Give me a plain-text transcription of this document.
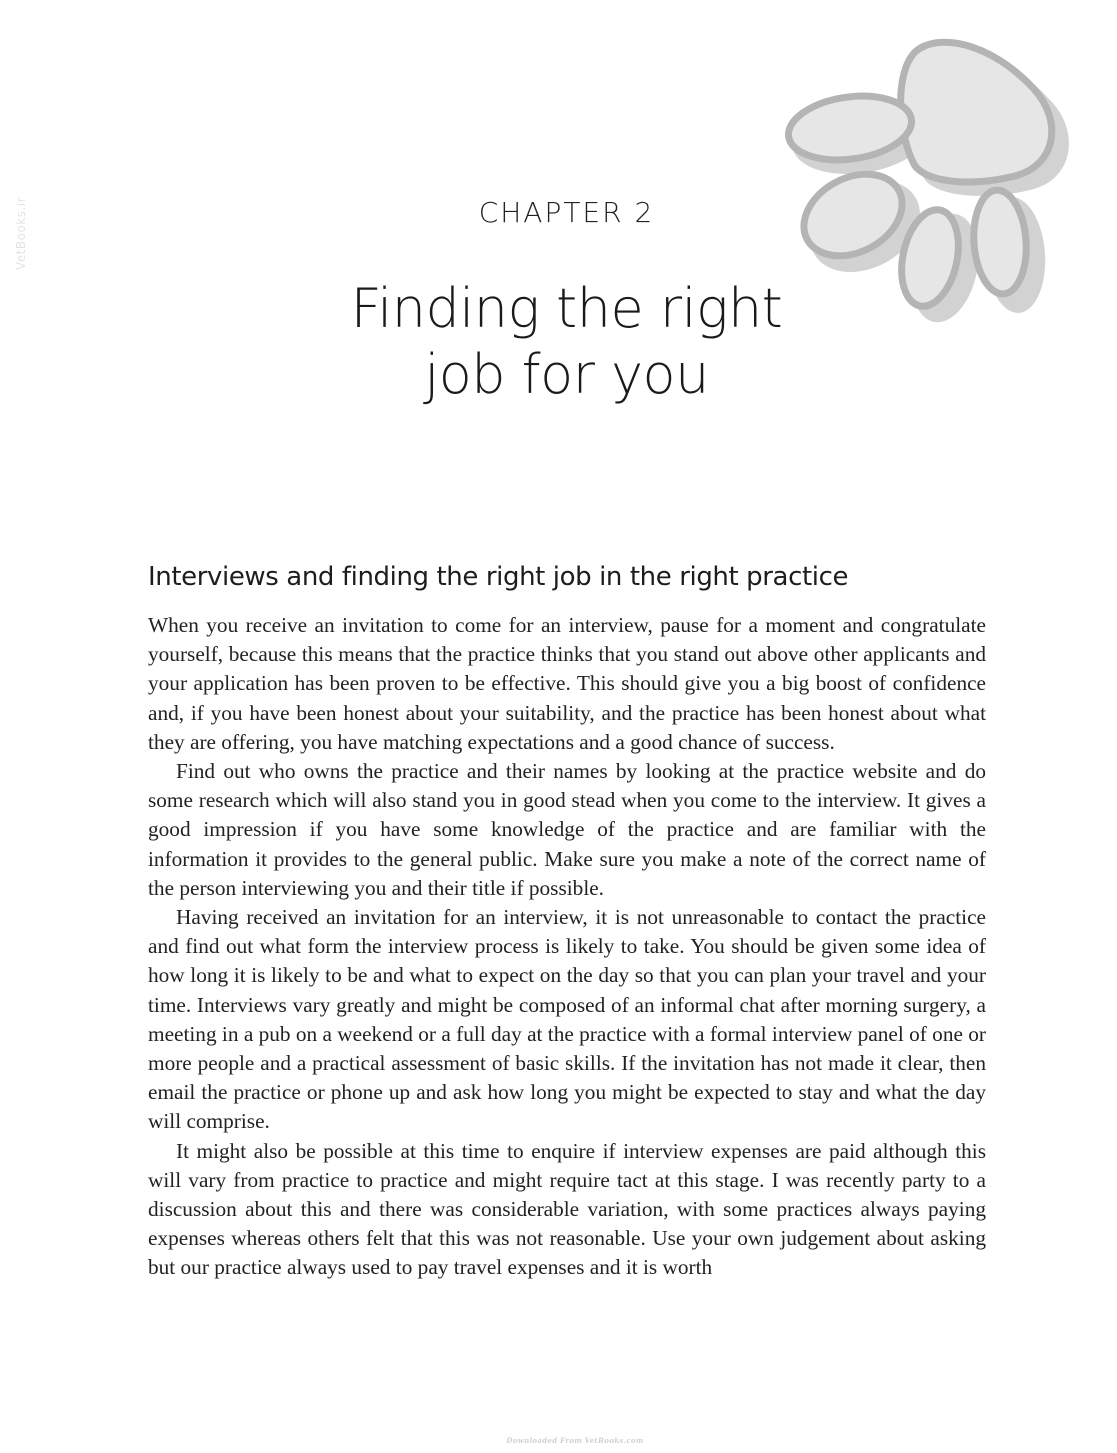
VetBooks.ir	CHAPTER 2
Finding the right
job for you
Interviews and finding the right job in the right practice

When you receive an invitation to come for an interview, pause for a moment and congratulate yourself, because this means that the practice thinks that you stand out above other applicants and your application has been proven to be effective. This should give you a big boost of confidence and, if you have been honest about your suitability, and the practice has been honest about what they are offering, you have matching expectations and a good chance of success.

Find out who owns the practice and their names by looking at the practice website and do some research which will also stand you in good stead when you come to the interview. It gives a good impression if you have some knowledge of the practice and are familiar with the information it provides to the general public. Make sure you make a note of the correct name of the person interviewing you and their title if possible.

Having received an invitation for an interview, it is not unreasonable to contact the practice and find out what form the interview process is likely to take. You should be given some idea of how long it is likely to be and what to expect on the day so that you can plan your travel and your time. Interviews vary greatly and might be composed of an informal chat after morning surgery, a meeting in a pub on a weekend or a full day at the practice with a formal interview panel of one or more people and a practical assessment of basic skills. If the invitation has not made it clear, then email the practice or phone up and ask how long you might be expected to stay and what the day will comprise.

It might also be possible at this time to enquire if interview expenses are paid although this will vary from practice to practice and might require tact at this stage. I was recently party to a discussion about this and there was considerable variation, with some practices always paying expenses whereas others felt that this was not reasonable. Use your own judgement about asking but our practice always used to pay travel expenses and it is worth

Downloaded From VetBooks.com
